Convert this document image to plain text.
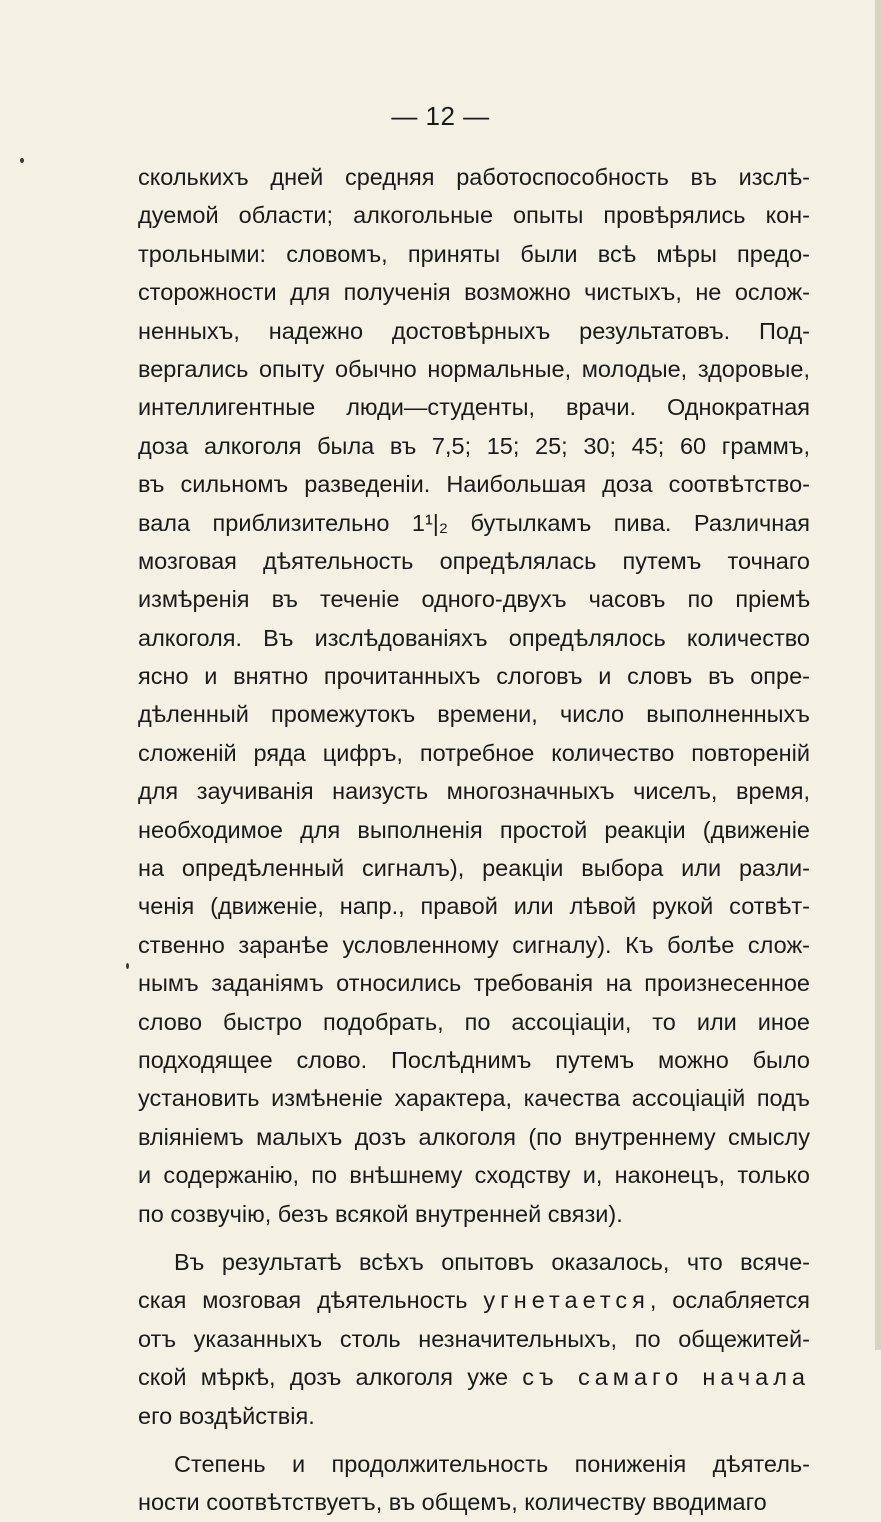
— 12 —
сколькихъ дней средняя работоспособность въ изслѣ-
дуемой области; алкогольные опыты провѣрялись кон-
трольными: словомъ, приняты были всѣ мѣры предо-
сторожности для полученія возможно чистыхъ, не ослож-
ненныхъ, надежно достовѣрныхъ результатовъ. Под-
вергались опыту обычно нормальные, молодые, здоровые,
интеллигентные люди—студенты, врачи. Однократная
доза алкоголя была въ 7,5; 15; 25; 30; 45; 60 граммъ,
въ сильномъ разведеніи. Наибольшая доза соотвѣтство-
вала приблизительно 1¹|₂ бутылкамъ пива. Различная
мозговая дѣятельность опредѣлялась путемъ точнаго
измѣренія въ теченіе одного-двухъ часовъ по пріемѣ
алкоголя. Въ изслѣдованіяхъ опредѣлялось количество
ясно и внятно прочитанныхъ слоговъ и словъ въ опре-
дѣленный промежутокъ времени, число выполненныхъ
сложеній ряда цифръ, потребное количество повтореній
для заучиванія наизусть многозначныхъ чиселъ, время,
необходимое для выполненія простой реакціи (движеніе
на опредѣленный сигналъ), реакціи выбора или разли-
ченія (движеніе, напр., правой или лѣвой рукой сотвѣт-
ственно заранѣе условленному сигналу). Къ болѣе слож-
нымъ заданіямъ относились требованія на произнесенное
слово быстро подобрать, по ассоціаціи, то или иное
подходящее слово. Послѣднимъ путемъ можно было
установить измѣненіе характера, качества ассоціацій подъ
вліяніемъ малыхъ дозъ алкоголя (по внутреннему смыслу
и содержанію, по внѣшнему сходству и, наконецъ, только
по созвучію, безъ всякой внутренней связи).
Въ результатѣ всѣхъ опытовъ оказалось, что всяче-
ская мозговая дѣятельность угнетается, ослабляется
отъ указанныхъ столь незначительныхъ, по общежитей-
ской мѣркѣ, дозъ алкоголя уже съ самаго начала
его воздѣйствія.
Степень и продолжительность пониженія дѣятель-
ности соотвѣтствуетъ, въ общемъ, количеству вводимаго
